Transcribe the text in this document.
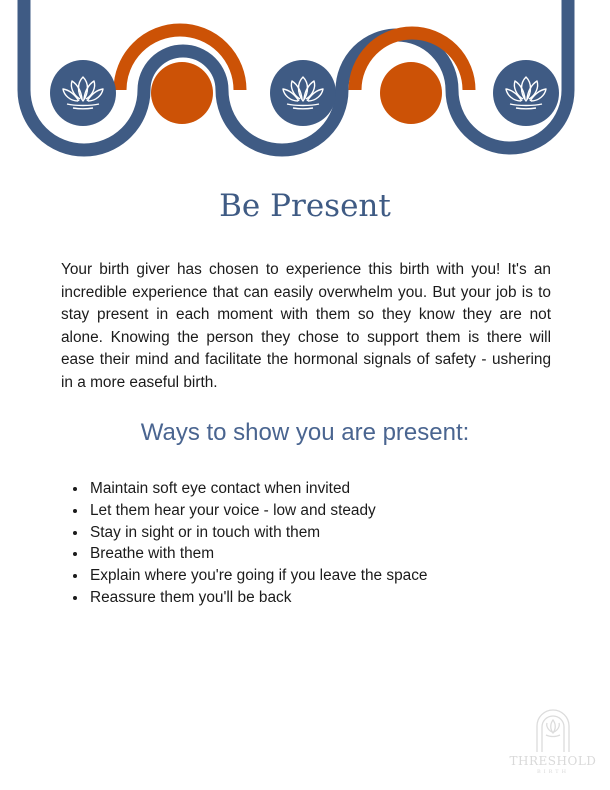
Be Present

Your birth giver has chosen to experience this birth with you! It's an incredible experience that can easily overwhelm you. But your job is to stay present in each moment with them so they know they are not alone. Knowing the person they chose to support them is there will ease their mind and facilitate the hormonal signals of safety - ushering in a more easeful birth.

Ways to show you are present:
• Maintain soft eye contact when invited
• Let them hear your voice - low and steady
• Stay in sight or in touch with them
• Breathe with them
• Explain where you're going if you leave the space
• Reassure them you'll be back
THRESHOLD
BIRTH
